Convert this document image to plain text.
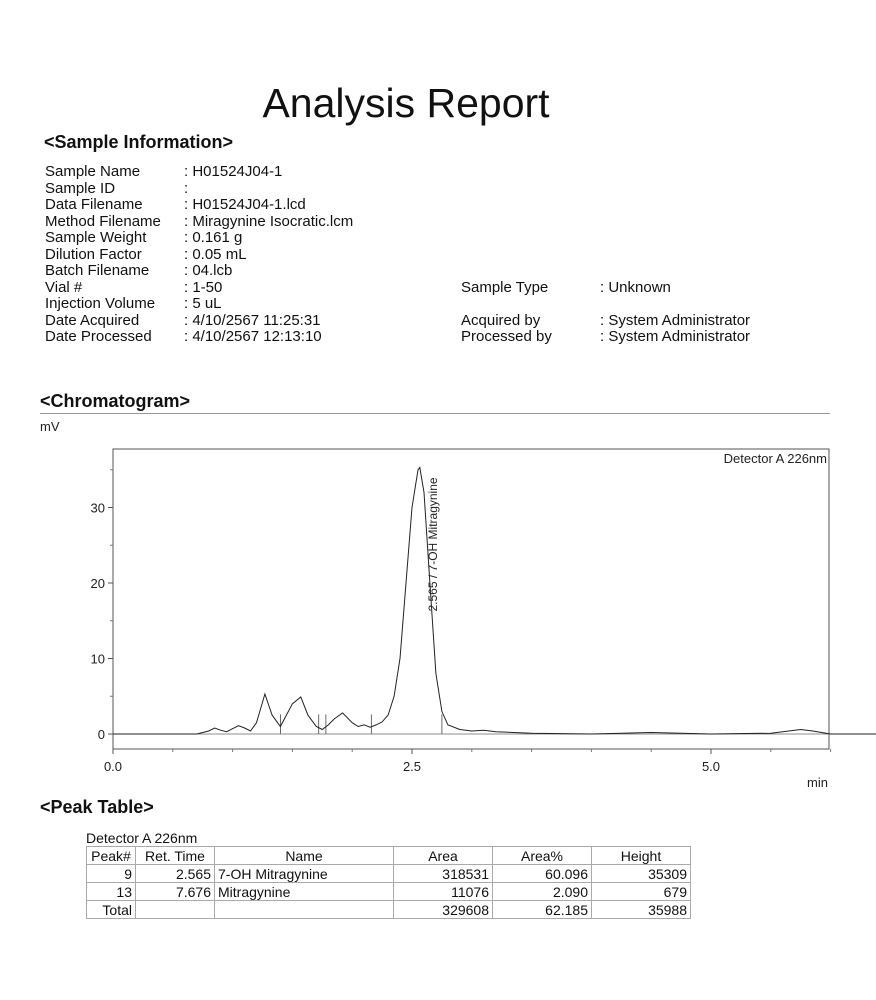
Analysis Report
<Sample Information>
Sample Name	: H01524J04-1
Sample ID	:
Data Filename	: H01524J04-1.lcd
Method Filename	: Miragynine Isocratic.lcm
Sample Weight	: 0.161 g
Dilution Factor	: 0.05 mL
Batch Filename	: 04.lcb
Vial #	: 1-50
Injection Volume	: 5 uL
Date Acquired	: 4/10/2567 11:25:31
Date Processed	: 4/10/2567 12:13:10
Sample Type	: Unknown
Acquired by	: System Administrator
Processed by	: System Administrator
<Chromatogram>
mV
min
Detector A 226nm
0.0	2.5	5.0
0
10
20
30	2.565 / 7-OH Mitragynine
<Peak Table>
Detector A 226nm
Peak#	Ret. Time	Name	Area	Area%	Height
9	2.565	7-OH Mitragynine	318531	60.096	35309
13	7.676	Mitragynine	11076	2.090	679
Total			329608	62.185	35988
